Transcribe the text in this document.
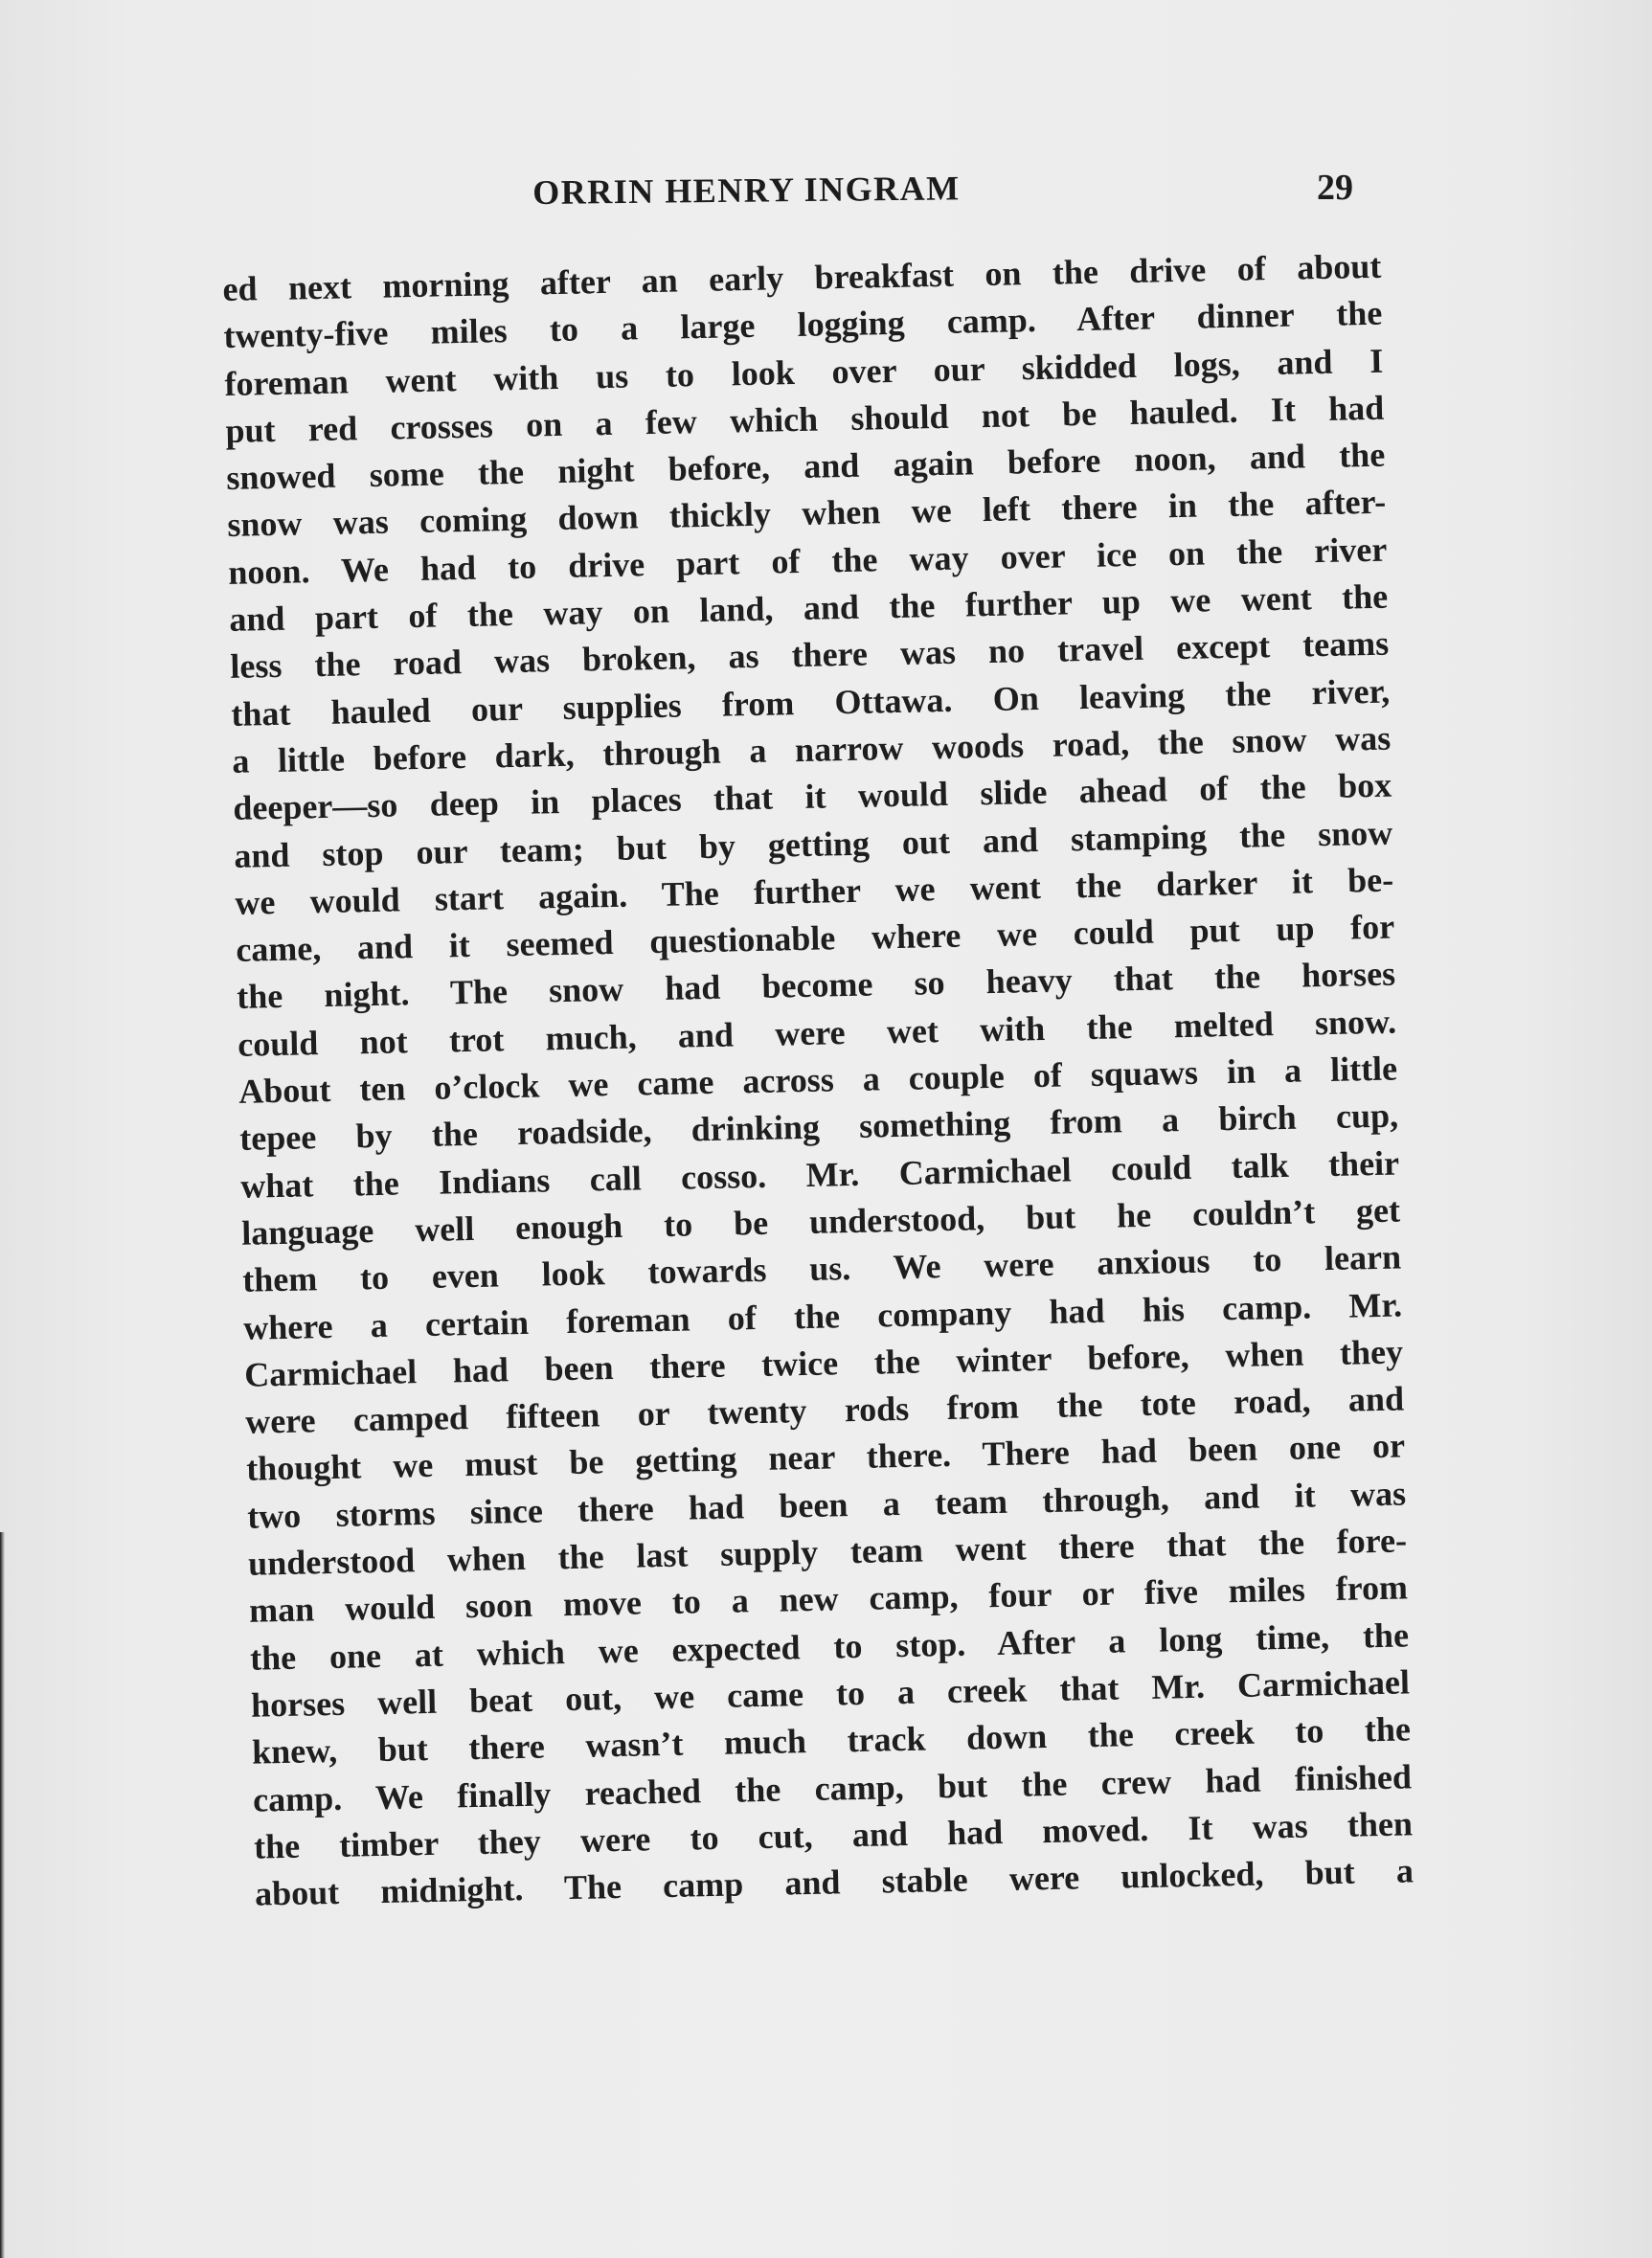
ORRIN HENRY INGRAM	29
ed next morning after an early breakfast on the drive of about
twenty-five miles to a large logging camp. After dinner the
foreman went with us to look over our skidded logs, and I
put red crosses on a few which should not be hauled. It had
snowed some the night before, and again before noon, and the
snow was coming down thickly when we left there in the after-
noon. We had to drive part of the way over ice on the river
and part of the way on land, and the further up we went the
less the road was broken, as there was no travel except teams
that hauled our supplies from Ottawa. On leaving the river,
a little before dark, through a narrow woods road, the snow was
deeper—so deep in places that it would slide ahead of the box
and stop our team; but by getting out and stamping the snow
we would start again. The further we went the darker it be-
came, and it seemed questionable where we could put up for
the night. The snow had become so heavy that the horses
could not trot much, and were wet with the melted snow.
About ten o’clock we came across a couple of squaws in a little
tepee by the roadside, drinking something from a birch cup,
what the Indians call cosso. Mr. Carmichael could talk their
language well enough to be understood, but he couldn’t get
them to even look towards us. We were anxious to learn
where a certain foreman of the company had his camp. Mr.
Carmichael had been there twice the winter before, when they
were camped fifteen or twenty rods from the tote road, and
thought we must be getting near there. There had been one or
two storms since there had been a team through, and it was
understood when the last supply team went there that the fore-
man would soon move to a new camp, four or five miles from
the one at which we expected to stop. After a long time, the
horses well beat out, we came to a creek that Mr. Carmichael
knew, but there wasn’t much track down the creek to the
camp. We finally reached the camp, but the crew had finished
the timber they were to cut, and had moved. It was then
about midnight. The camp and stable were unlocked, but a
